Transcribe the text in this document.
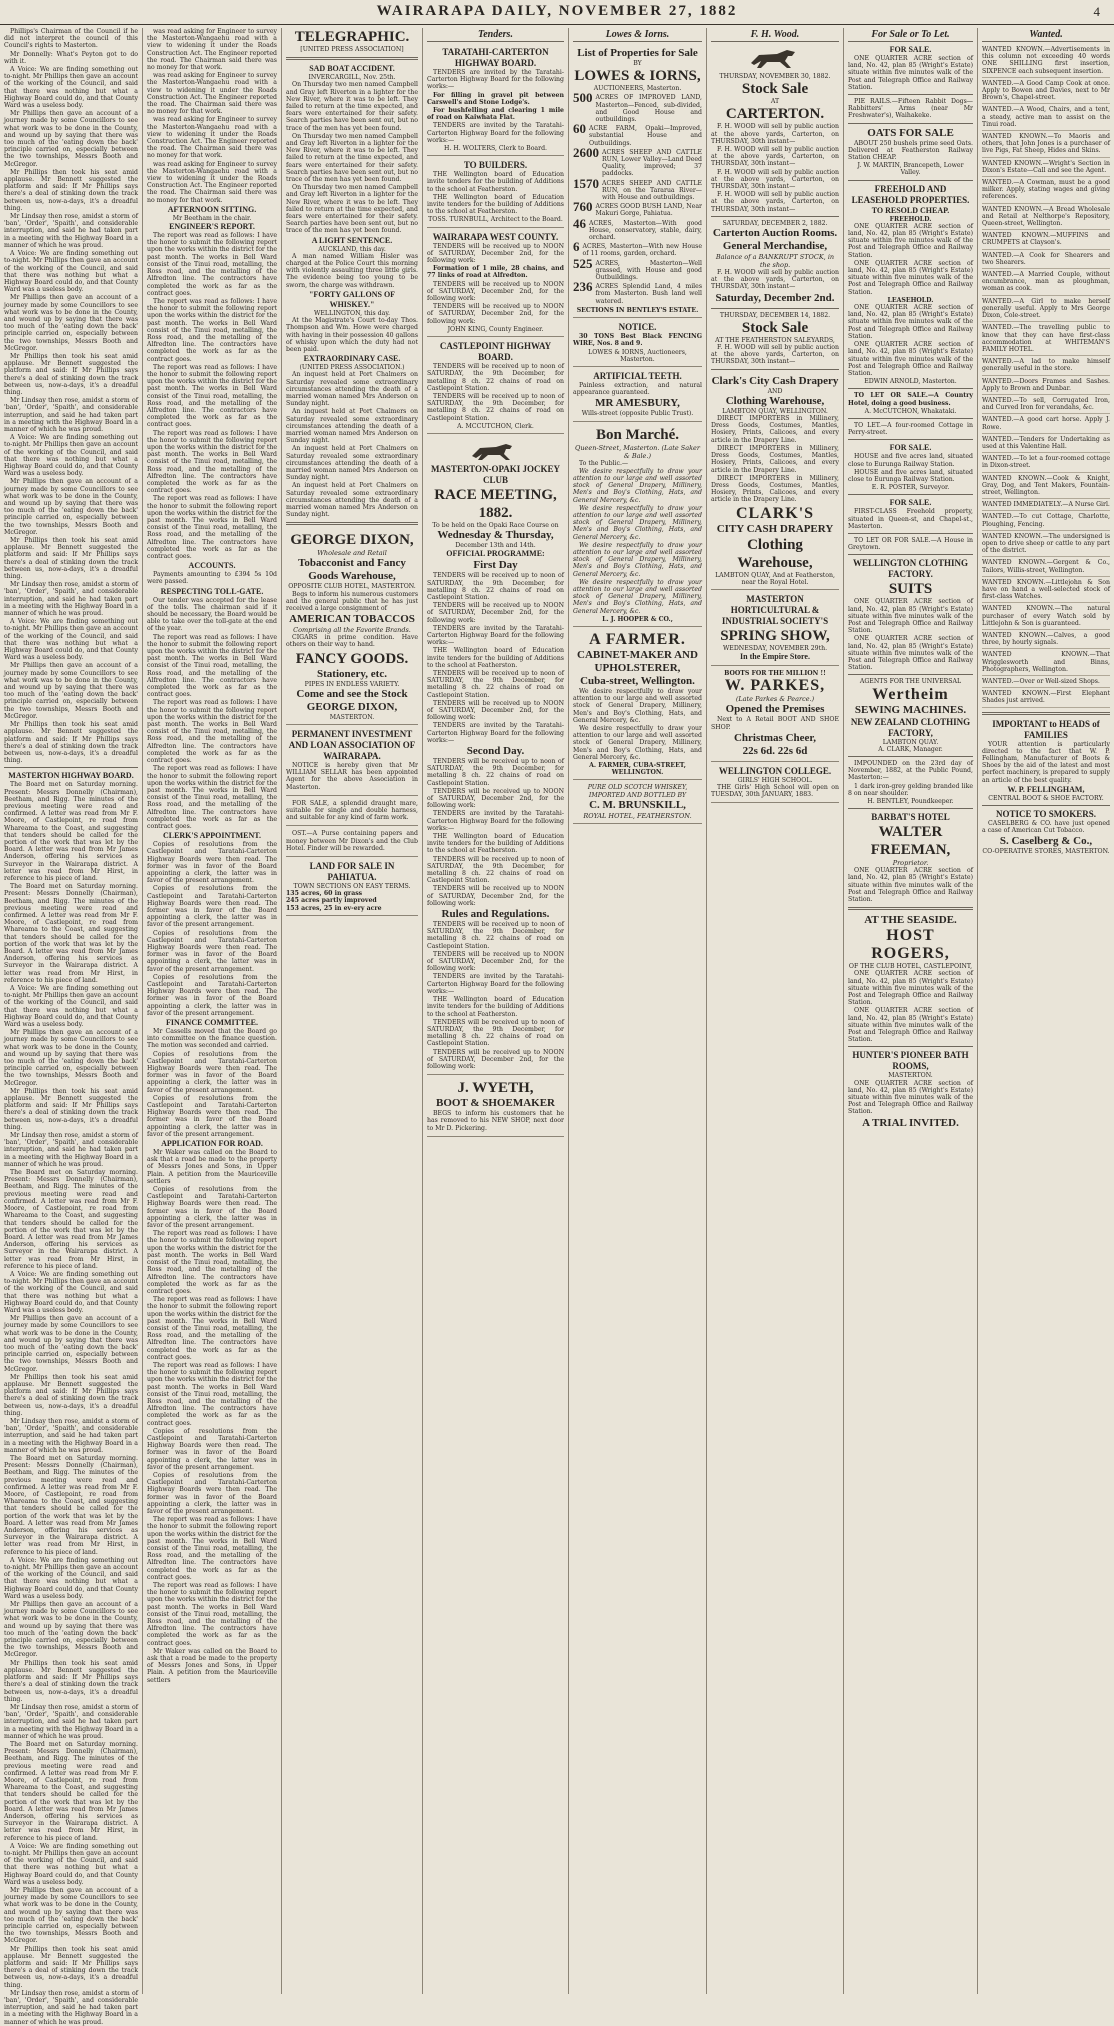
WAIRARAPA DAILY, NOVEMBER 27, 1882	4

Phillips's Chairman of the Council if he did not interpret the council of this Council's rights to Masterton.

Mr Donnelly: What's Peyton got to do with it.

A Voice: We are finding something out to-night. Mr Phillips then gave an account of the working of the Council, and said that there was nothing but what a Highway Board could do, and that County Ward was a useless body.

Mr Phillips then gave an account of a journey made by some Councillors to see what work was to be done in the County, and wound up by saying that there was too much of the 'eating down the back' principle carried on, especially between the two townships, Messrs Booth and McGregor.

Mr Phillips then took his seat amid applause. Mr Bennett suggested the platform and said: If Mr Phillips says there's a deal of stinking down the track between us, now-a-days, it's a dreadful thing.

Mr Lindsay then rose, amidst a storm of 'ban', 'Order', 'Spaith', and considerable interruption, and said he had taken part in a meeting with the Highway Board in a manner of which he was proud.

A Voice: We are finding something out to-night. Mr Phillips then gave an account of the working of the Council, and said that there was nothing but what a Highway Board could do, and that County Ward was a useless body.

Mr Phillips then gave an account of a journey made by some Councillors to see what work was to be done in the County, and wound up by saying that there was too much of the 'eating down the back' principle carried on, especially between the two townships, Messrs Booth and McGregor.

Mr Phillips then took his seat amid applause. Mr Bennett suggested the platform and said: If Mr Phillips says there's a deal of stinking down the track between us, now-a-days, it's a dreadful thing.

Mr Lindsay then rose, amidst a storm of 'ban', 'Order', 'Spaith', and considerable interruption, and said he had taken part in a meeting with the Highway Board in a manner of which he was proud.

A Voice: We are finding something out to-night. Mr Phillips then gave an account of the working of the Council, and said that there was nothing but what a Highway Board could do, and that County Ward was a useless body.

Mr Phillips then gave an account of a journey made by some Councillors to see what work was to be done in the County, and wound up by saying that there was too much of the 'eating down the back' principle carried on, especially between the two townships, Messrs Booth and McGregor.

Mr Phillips then took his seat amid applause. Mr Bennett suggested the platform and said: If Mr Phillips says there's a deal of stinking down the track between us, now-a-days, it's a dreadful thing.

Mr Lindsay then rose, amidst a storm of 'ban', 'Order', 'Spaith', and considerable interruption, and said he had taken part in a meeting with the Highway Board in a manner of which he was proud.

A Voice: We are finding something out to-night. Mr Phillips then gave an account of the working of the Council, and said that there was nothing but what a Highway Board could do, and that County Ward was a useless body.

Mr Phillips then gave an account of a journey made by some Councillors to see what work was to be done in the County, and wound up by saying that there was too much of the 'eating down the back' principle carried on, especially between the two townships, Messrs Booth and McGregor.

Mr Phillips then took his seat amid applause. Mr Bennett suggested the platform and said: If Mr Phillips says there's a deal of stinking down the track between us, now-a-days, it's a dreadful thing.

MASTERTON HIGHWAY BOARD.

The Board met on Saturday morning. Present: Messrs Donnelly (Chairman), Beetham, and Rigg. The minutes of the previous meeting were read and confirmed. A letter was read from Mr F. Moore, of Castlepoint, re road from Whareama to the Coast, and suggesting that tenders should be called for the portion of the work that was let by the Board. A letter was read from Mr James Anderson, offering his services as Surveyor in the Wairarapa district. A letter was read from Mr Hirst, in reference to his piece of land.

The Board met on Saturday morning. Present: Messrs Donnelly (Chairman), Beetham, and Rigg. The minutes of the previous meeting were read and confirmed. A letter was read from Mr F. Moore, of Castlepoint, re road from Whareama to the Coast, and suggesting that tenders should be called for the portion of the work that was let by the Board. A letter was read from Mr James Anderson, offering his services as Surveyor in the Wairarapa district. A letter was read from Mr Hirst, in reference to his piece of land.

A Voice: We are finding something out to-night. Mr Phillips then gave an account of the working of the Council, and said that there was nothing but what a Highway Board could do, and that County Ward was a useless body.

Mr Phillips then gave an account of a journey made by some Councillors to see what work was to be done in the County, and wound up by saying that there was too much of the 'eating down the back' principle carried on, especially between the two townships, Messrs Booth and McGregor.

Mr Phillips then took his seat amid applause. Mr Bennett suggested the platform and said: If Mr Phillips says there's a deal of stinking down the track between us, now-a-days, it's a dreadful thing.

Mr Lindsay then rose, amidst a storm of 'ban', 'Order', 'Spaith', and considerable interruption, and said he had taken part in a meeting with the Highway Board in a manner of which he was proud.

The Board met on Saturday morning. Present: Messrs Donnelly (Chairman), Beetham, and Rigg. The minutes of the previous meeting were read and confirmed. A letter was read from Mr F. Moore, of Castlepoint, re road from Whareama to the Coast, and suggesting that tenders should be called for the portion of the work that was let by the Board. A letter was read from Mr James Anderson, offering his services as Surveyor in the Wairarapa district. A letter was read from Mr Hirst, in reference to his piece of land.

A Voice: We are finding something out to-night. Mr Phillips then gave an account of the working of the Council, and said that there was nothing but what a Highway Board could do, and that County Ward was a useless body.

Mr Phillips then gave an account of a journey made by some Councillors to see what work was to be done in the County, and wound up by saying that there was too much of the 'eating down the back' principle carried on, especially between the two townships, Messrs Booth and McGregor.

Mr Phillips then took his seat amid applause. Mr Bennett suggested the platform and said: If Mr Phillips says there's a deal of stinking down the track between us, now-a-days, it's a dreadful thing.

Mr Lindsay then rose, amidst a storm of 'ban', 'Order', 'Spaith', and considerable interruption, and said he had taken part in a meeting with the Highway Board in a manner of which he was proud.

The Board met on Saturday morning. Present: Messrs Donnelly (Chairman), Beetham, and Rigg. The minutes of the previous meeting were read and confirmed. A letter was read from Mr F. Moore, of Castlepoint, re road from Whareama to the Coast, and suggesting that tenders should be called for the portion of the work that was let by the Board. A letter was read from Mr James Anderson, offering his services as Surveyor in the Wairarapa district. A letter was read from Mr Hirst, in reference to his piece of land.

A Voice: We are finding something out to-night. Mr Phillips then gave an account of the working of the Council, and said that there was nothing but what a Highway Board could do, and that County Ward was a useless body.

Mr Phillips then gave an account of a journey made by some Councillors to see what work was to be done in the County, and wound up by saying that there was too much of the 'eating down the back' principle carried on, especially between the two townships, Messrs Booth and McGregor.

Mr Phillips then took his seat amid applause. Mr Bennett suggested the platform and said: If Mr Phillips says there's a deal of stinking down the track between us, now-a-days, it's a dreadful thing.

Mr Lindsay then rose, amidst a storm of 'ban', 'Order', 'Spaith', and considerable interruption, and said he had taken part in a meeting with the Highway Board in a manner of which he was proud.

The Board met on Saturday morning. Present: Messrs Donnelly (Chairman), Beetham, and Rigg. The minutes of the previous meeting were read and confirmed. A letter was read from Mr F. Moore, of Castlepoint, re road from Whareama to the Coast, and suggesting that tenders should be called for the portion of the work that was let by the Board. A letter was read from Mr James Anderson, offering his services as Surveyor in the Wairarapa district. A letter was read from Mr Hirst, in reference to his piece of land.

A Voice: We are finding something out to-night. Mr Phillips then gave an account of the working of the Council, and said that there was nothing but what a Highway Board could do, and that County Ward was a useless body.

Mr Phillips then gave an account of a journey made by some Councillors to see what work was to be done in the County, and wound up by saying that there was too much of the 'eating down the back' principle carried on, especially between the two townships, Messrs Booth and McGregor.

Mr Phillips then took his seat amid applause. Mr Bennett suggested the platform and said: If Mr Phillips says there's a deal of stinking down the track between us, now-a-days, it's a dreadful thing.

Mr Lindsay then rose, amidst a storm of 'ban', 'Order', 'Spaith', and considerable interruption, and said he had taken part in a meeting with the Highway Board in a manner of which he was proud.

was read asking for Engineer to survey the Masterton-Wangaehu road with a view to widening it under the Roads Construction Act. The Engineer reported the road. The Chairman said there was no money for that work.

was read asking for Engineer to survey the Masterton-Wangaehu road with a view to widening it under the Roads Construction Act. The Engineer reported the road. The Chairman said there was no money for that work.

was read asking for Engineer to survey the Masterton-Wangaehu road with a view to widening it under the Roads Construction Act. The Engineer reported the road. The Chairman said there was no money for that work.

was read asking for Engineer to survey the Masterton-Wangaehu road with a view to widening it under the Roads Construction Act. The Engineer reported the road. The Chairman said there was no money for that work.

AFTERNOON SITTING.
Mr Beetham in the chair.
ENGINEER'S REPORT.

The report was read as follows: I have the honor to submit the following report upon the works within the district for the past month. The works in Bell Ward consist of the Tinui road, metalling, the Ross road, and the metalling of the Alfredton line. The contractors have completed the work as far as the contract goes.

The report was read as follows: I have the honor to submit the following report upon the works within the district for the past month. The works in Bell Ward consist of the Tinui road, metalling, the Ross road, and the metalling of the Alfredton line. The contractors have completed the work as far as the contract goes.

The report was read as follows: I have the honor to submit the following report upon the works within the district for the past month. The works in Bell Ward consist of the Tinui road, metalling, the Ross road, and the metalling of the Alfredton line. The contractors have completed the work as far as the contract goes.

The report was read as follows: I have the honor to submit the following report upon the works within the district for the past month. The works in Bell Ward consist of the Tinui road, metalling, the Ross road, and the metalling of the Alfredton line. The contractors have completed the work as far as the contract goes.

The report was read as follows: I have the honor to submit the following report upon the works within the district for the past month. The works in Bell Ward consist of the Tinui road, metalling, the Ross road, and the metalling of the Alfredton line. The contractors have completed the work as far as the contract goes.

ACCOUNTS.

Payments amounting to £394 5s 10d were passed.

RESPECTING TOLL-GATE.

Our tender was accepted for the lease of the tolls. The chairman said if it should be necessary, the Board would be able to take over the toll-gate at the end of the year.

The report was read as follows: I have the honor to submit the following report upon the works within the district for the past month. The works in Bell Ward consist of the Tinui road, metalling, the Ross road, and the metalling of the Alfredton line. The contractors have completed the work as far as the contract goes.

The report was read as follows: I have the honor to submit the following report upon the works within the district for the past month. The works in Bell Ward consist of the Tinui road, metalling, the Ross road, and the metalling of the Alfredton line. The contractors have completed the work as far as the contract goes.

The report was read as follows: I have the honor to submit the following report upon the works within the district for the past month. The works in Bell Ward consist of the Tinui road, metalling, the Ross road, and the metalling of the Alfredton line. The contractors have completed the work as far as the contract goes.

CLERK'S APPOINTMENT.

Copies of resolutions from the Castlepoint and Taratahi-Carterton Highway Boards were then read. The former was in favor of the Board appointing a clerk, the latter was in favor of the present arrangement.

Copies of resolutions from the Castlepoint and Taratahi-Carterton Highway Boards were then read. The former was in favor of the Board appointing a clerk, the latter was in favor of the present arrangement.

Copies of resolutions from the Castlepoint and Taratahi-Carterton Highway Boards were then read. The former was in favor of the Board appointing a clerk, the latter was in favor of the present arrangement.

Copies of resolutions from the Castlepoint and Taratahi-Carterton Highway Boards were then read. The former was in favor of the Board appointing a clerk, the latter was in favor of the present arrangement.

FINANCE COMMITTEE.

Mr Cassells moved that the Board go into committee on the finance question. The motion was seconded and carried.

Copies of resolutions from the Castlepoint and Taratahi-Carterton Highway Boards were then read. The former was in favor of the Board appointing a clerk, the latter was in favor of the present arrangement.

Copies of resolutions from the Castlepoint and Taratahi-Carterton Highway Boards were then read. The former was in favor of the Board appointing a clerk, the latter was in favor of the present arrangement.

APPLICATION FOR ROAD.

Mr Waker was called on the Board to ask that a road be made to the property of Messrs Jones and Sons, in Upper Plain. A petition from the Mauriceville settlers

Copies of resolutions from the Castlepoint and Taratahi-Carterton Highway Boards were then read. The former was in favor of the Board appointing a clerk, the latter was in favor of the present arrangement.

The report was read as follows: I have the honor to submit the following report upon the works within the district for the past month. The works in Bell Ward consist of the Tinui road, metalling, the Ross road, and the metalling of the Alfredton line. The contractors have completed the work as far as the contract goes.

The report was read as follows: I have the honor to submit the following report upon the works within the district for the past month. The works in Bell Ward consist of the Tinui road, metalling, the Ross road, and the metalling of the Alfredton line. The contractors have completed the work as far as the contract goes.

The report was read as follows: I have the honor to submit the following report upon the works within the district for the past month. The works in Bell Ward consist of the Tinui road, metalling, the Ross road, and the metalling of the Alfredton line. The contractors have completed the work as far as the contract goes.

Copies of resolutions from the Castlepoint and Taratahi-Carterton Highway Boards were then read. The former was in favor of the Board appointing a clerk, the latter was in favor of the present arrangement.

Copies of resolutions from the Castlepoint and Taratahi-Carterton Highway Boards were then read. The former was in favor of the Board appointing a clerk, the latter was in favor of the present arrangement.

The report was read as follows: I have the honor to submit the following report upon the works within the district for the past month. The works in Bell Ward consist of the Tinui road, metalling, the Ross road, and the metalling of the Alfredton line. The contractors have completed the work as far as the contract goes.

The report was read as follows: I have the honor to submit the following report upon the works within the district for the past month. The works in Bell Ward consist of the Tinui road, metalling, the Ross road, and the metalling of the Alfredton line. The contractors have completed the work as far as the contract goes.

Mr Waker was called on the Board to ask that a road be made to the property of Messrs Jones and Sons, in Upper Plain. A petition from the Mauriceville settlers

TELEGRAPHIC.
[UNITED PRESS ASSOCIATION]
SAD BOAT ACCIDENT.
INVERCARGILL, Nov. 25th.

On Thursday two men named Campbell and Gray left Riverton in a lighter for the New River, where it was to be left. They failed to return at the time expected, and fears were entertained for their safety. Search parties have been sent out, but no trace of the men has yet been found.

On Thursday two men named Campbell and Gray left Riverton in a lighter for the New River, where it was to be left. They failed to return at the time expected, and fears were entertained for their safety. Search parties have been sent out, but no trace of the men has yet been found.

On Thursday two men named Campbell and Gray left Riverton in a lighter for the New River, where it was to be left. They failed to return at the time expected, and fears were entertained for their safety. Search parties have been sent out, but no trace of the men has yet been found.

A LIGHT SENTENCE.
AUCKLAND, this day.

A man named William Hisler was charged at the Police Court this morning with violently assaulting three little girls. The evidence being too young to be sworn, the charge was withdrawn.

"FORTY GALLONS OF WHISKEY."
WELLINGTON, this day.

At the Magistrate's Court to-day Thos. Thompson and Wm. Howe were charged with having in their possession 40 gallons of whisky upon which the duty had not been paid.

EXTRAORDINARY CASE.
(UNITED PRESS ASSOCIATION.)

An inquest held at Port Chalmers on Saturday revealed some extraordinary circumstances attending the death of a married woman named Mrs Anderson on Sunday night.

An inquest held at Port Chalmers on Saturday revealed some extraordinary circumstances attending the death of a married woman named Mrs Anderson on Sunday night.

An inquest held at Port Chalmers on Saturday revealed some extraordinary circumstances attending the death of a married woman named Mrs Anderson on Sunday night.

An inquest held at Port Chalmers on Saturday revealed some extraordinary circumstances attending the death of a married woman named Mrs Anderson on Sunday night.

GEORGE DIXON,
Wholesale and Retail
Tobacconist and Fancy Goods Warehouse,
OPPOSITE CLUB HOTEL, MASTERTON.

Begs to inform his numerous customers and the general public that he has just received a large consignment of

AMERICAN TOBACCOS
Comprising all the Favorite Brands.

CIGARS in prime condition. Have others on their way to hand.

FANCY GOODS.
Stationery, etc.
PIPES IN ENDLESS VARIETY.
Come and see the Stock
GEORGE DIXON,
MASTERTON.
PERMANENT INVESTMENT AND LOAN ASSOCIATION OF WAIRARAPA.

NOTICE is hereby given that Mr WILLIAM SELLAR has been appointed Agent for the above Association in Masterton.

FOR SALE, a splendid draught mare, suitable for single and double harness, and suitable for any kind of farm work.

OST.—A Purse containing papers and money between Mr Dixon's and the Club Hotel. Finder will be rewarded.

LAND FOR SALE IN PAHIATUA.
TOWN SECTIONS ON EASY TERMS.
135 acres, 60 in grass
245 acres partly improved
153 acres, 25 in ev-ery acre
Tenders.
TARATAHI-CARTERTON HIGHWAY BOARD.

TENDERS are invited by the Taratahi-Carterton Highway Board for the following works:—

For filling in gravel pit between Carswell's and Stone Lodge's.

For bushfelling and clearing 1 mile of road on Kaiwhata Flat.

TENDERS are invited by the Taratahi-Carterton Highway Board for the following works:—

H. H. WOLTERS, Clerk to Board.
TO BUILDERS.

THE Wellington board of Education invite tenders for the building of Additions to the school at Featherston.

THE Wellington board of Education invite tenders for the building of Additions to the school at Featherston.

TOSS. TURNBULL, Architect to the Board.
WAIRARAPA WEST COUNTY.

TENDERS will be received up to NOON of SATURDAY, December 2nd, for the following work:

Formation of 1 mile, 28 chains, and 77 links of road at Alfredton.

TENDERS will be received up to NOON of SATURDAY, December 2nd, for the following work:

TENDERS will be received up to NOON of SATURDAY, December 2nd, for the following work:

JOHN KING, County Engineer.
CASTLEPOINT HIGHWAY BOARD.

TENDERS will be received up to noon of SATURDAY, the 9th December, for metalling 8 ch. 22 chains of road on Castlepoint Station.

TENDERS will be received up to noon of SATURDAY, the 9th December, for metalling 8 ch. 22 chains of road on Castlepoint Station.

A. MCCUTCHON, Clerk.
MASTERTON-OPAKI JOCKEY CLUB
RACE MEETING, 1882.
To be held on the Opaki Race Course on
Wednesday & Thursday,
December 13th and 14th.
OFFICIAL PROGRAMME:
First Day

TENDERS will be received up to noon of SATURDAY, the 9th December, for metalling 8 ch. 22 chains of road on Castlepoint Station.

TENDERS will be received up to NOON of SATURDAY, December 2nd, for the following work:

TENDERS are invited by the Taratahi-Carterton Highway Board for the following works:—

THE Wellington board of Education invite tenders for the building of Additions to the school at Featherston.

TENDERS will be received up to noon of SATURDAY, the 9th December, for metalling 8 ch. 22 chains of road on Castlepoint Station.

TENDERS will be received up to NOON of SATURDAY, December 2nd, for the following work:

TENDERS are invited by the Taratahi-Carterton Highway Board for the following works:—

Second Day.

TENDERS will be received up to noon of SATURDAY, the 9th December, for metalling 8 ch. 22 chains of road on Castlepoint Station.

TENDERS will be received up to NOON of SATURDAY, December 2nd, for the following work:

TENDERS are invited by the Taratahi-Carterton Highway Board for the following works:—

THE Wellington board of Education invite tenders for the building of Additions to the school at Featherston.

TENDERS will be received up to noon of SATURDAY, the 9th December, for metalling 8 ch. 22 chains of road on Castlepoint Station.

TENDERS will be received up to NOON of SATURDAY, December 2nd, for the following work:

Rules and Regulations.

TENDERS will be received up to noon of SATURDAY, the 9th December, for metalling 8 ch. 22 chains of road on Castlepoint Station.

TENDERS will be received up to NOON of SATURDAY, December 2nd, for the following work:

TENDERS are invited by the Taratahi-Carterton Highway Board for the following works:—

THE Wellington board of Education invite tenders for the building of Additions to the school at Featherston.

TENDERS will be received up to noon of SATURDAY, the 9th December, for metalling 8 ch. 22 chains of road on Castlepoint Station.

TENDERS will be received up to NOON of SATURDAY, December 2nd, for the following work:

J. WYETH,
BOOT & SHOEMAKER

BEGS to inform his customers that he has removed to his NEW SHOP, next door to Mr D. Pickering.

Lowes & Iorns.
List of Properties for Sale
BY
LOWES & IORNS,
AUCTIONEERS, Masterton.
500 ACRES OF IMPROVED LAND, Masterton—Fenced, sub-divided, and Good House and outbuildings.
60 ACRE FARM, Opaki—Improved, substantial House and Outbuildings.
2600 ACRES SHEEP AND CATTLE RUN, Lower Valley—Land Deed Quality, improved; 37 paddocks.
1570 ACRES SHEEP AND CATTLE RUN, on the Tararua River—with House and outbuildings.
760 ACRES GOOD BUSH LAND, Near Makuri Gorge, Pahiatua.
46 ACRES, Masterton—With good House, conservatory, stable, dairy, orchard.
6 ACRES, Masterton—With new House of 11 rooms, garden, orchard.
525 ACRES, Masterton—Well grassed, with House and good Outbuildings.
236 ACRES Splendid Land, 4 miles from Masterton. Bush land well watered.
SECTIONS IN BENTLEY'S ESTATE.
NOTICE.

30 TONS Best Black FENCING WIRE, Nos. 8 and 9.

LOWES & IORNS, Auctioneers, Masterton.
ARTIFICIAL TEETH.

Painless extraction, and natural appearance guaranteed.

MR AMESBURY,
Wills-street (opposite Public Trust).
Bon Marché.
Queen-Street, Masterton. (Late Saker & Bale.)

To the Public.—

We desire respectfully to draw your attention to our large and well assorted stock of General Drapery, Millinery, Men's and Boy's Clothing, Hats, and General Mercery, &c.

We desire respectfully to draw your attention to our large and well assorted stock of General Drapery, Millinery, Men's and Boy's Clothing, Hats, and General Mercery, &c.

We desire respectfully to draw your attention to our large and well assorted stock of General Drapery, Millinery, Men's and Boy's Clothing, Hats, and General Mercery, &c.

We desire respectfully to draw your attention to our large and well assorted stock of General Drapery, Millinery, Men's and Boy's Clothing, Hats, and General Mercery, &c.

L. J. HOOPER & CO.,
A FARMER.
CABINET-MAKER AND UPHOLSTERER,
Cuba-street, Wellington.

We desire respectfully to draw your attention to our large and well assorted stock of General Drapery, Millinery, Men's and Boy's Clothing, Hats, and General Mercery, &c.

We desire respectfully to draw your attention to our large and well assorted stock of General Drapery, Millinery, Men's and Boy's Clothing, Hats, and General Mercery, &c.

A. FARMER, CUBA-STREET, WELLINGTON.
PURE OLD SCOTCH WHISKEY, IMPORTED AND BOTTLED BY
C. M. BRUNSKILL,
ROYAL HOTEL, FEATHERSTON.
F. H. Wood.
THURSDAY, NOVEMBER 30, 1882.
Stock Sale
AT
CARTERTON.

F. H. WOOD will sell by public auction at the above yards, Carterton, on THURSDAY, 30th instant—

F. H. WOOD will sell by public auction at the above yards, Carterton, on THURSDAY, 30th instant—

F. H. WOOD will sell by public auction at the above yards, Carterton, on THURSDAY, 30th instant—

F. H. WOOD will sell by public auction at the above yards, Carterton, on THURSDAY, 30th instant—

SATURDAY, DECEMBER 2, 1882.
Carterton Auction Rooms.
General Merchandise,
Balance of a BANKRUPT STOCK, in the shop.

F. H. WOOD will sell by public auction at the above yards, Carterton, on THURSDAY, 30th instant—

Saturday, December 2nd.
THURSDAY, DECEMBER 14, 1882.
Stock Sale
AT THE FEATHERSTON SALEYARDS,

F. H. WOOD will sell by public auction at the above yards, Carterton, on THURSDAY, 30th instant—

Clark's City Cash Drapery
AND
Clothing Warehouse,
LAMBTON QUAY, WELLINGTON.

DIRECT IMPORTERS in Millinery, Dress Goods, Costumes, Mantles, Hosiery, Prints, Calicoes, and every article in the Drapery Line.

DIRECT IMPORTERS in Millinery, Dress Goods, Costumes, Mantles, Hosiery, Prints, Calicoes, and every article in the Drapery Line.

DIRECT IMPORTERS in Millinery, Dress Goods, Costumes, Mantles, Hosiery, Prints, Calicoes, and every article in the Drapery Line.

CLARK'S
CITY CASH DRAPERY
Clothing Warehouse,
LAMBTON QUAY, And at Featherston, near the Royal Hotel.
MASTERTON HORTICULTURAL & INDUSTRIAL SOCIETY'S
SPRING SHOW,
WEDNESDAY, NOVEMBER 29th.
In the Empire Store.
BOOTS FOR THE MILLION !!
W. PARKES,
(Late Parkes & Pearce.)
Opened the Premises

Next to A Retail BOOT AND SHOE SHOP.

Christmas Cheer,
22s 6d. 22s 6d
WELLINGTON COLLEGE.
GIRLS' HIGH SCHOOL.

THE Girls' High School will open on TUESDAY, 30th JANUARY, 1883.

For Sale or To Let.
FOR SALE.

ONE QUARTER ACRE section of land, No. 42, plan 85 (Wright's Estate) situate within five minutes walk of the Post and Telegraph Office and Railway Station.

PIE RAILS.—Fifteen Rabbit Dogs—Rabbitters' Arms (near Mr Freshwater's), Waihakeke.

OATS FOR SALE

ABOUT 250 bushels prime seed Oats. Delivered at Featherston Railway Station CHEAP.

J. W. MARTIN, Brancepeth, Lower Valley.
FREEHOLD AND LEASEHOLD PROPERTIES.
TO RESOLD CHEAP.
FREEHOLD.

ONE QUARTER ACRE section of land, No. 42, plan 85 (Wright's Estate) situate within five minutes walk of the Post and Telegraph Office and Railway Station.

ONE QUARTER ACRE section of land, No. 42, plan 85 (Wright's Estate) situate within five minutes walk of the Post and Telegraph Office and Railway Station.

LEASEHOLD.

ONE QUARTER ACRE section of land, No. 42, plan 85 (Wright's Estate) situate within five minutes walk of the Post and Telegraph Office and Railway Station.

ONE QUARTER ACRE section of land, No. 42, plan 85 (Wright's Estate) situate within five minutes walk of the Post and Telegraph Office and Railway Station.

EDWIN ARNOLD, Masterton.

TO LET OR SALE.—A Country Hotel, doing a good business.

A. McCUTCHON, Whakataki.

TO LET.—A four-roomed Cottage in Perry-street.

FOR SALE.

HOUSE and five acres land, situated close to Eurunga Railway Station.

HOUSE and five acres land, situated close to Eurunga Railway Station.

E. R. POSTER, Surveyor.
FOR SALE.

FIRST-CLASS Freehold property, situated in Queen-st, and Chapel-st., Masterton.

TO LET OR FOR SALE.—A House in Greytown.

WELLINGTON CLOTHING FACTORY.
SUITS

ONE QUARTER ACRE section of land, No. 42, plan 85 (Wright's Estate) situate within five minutes walk of the Post and Telegraph Office and Railway Station.

ONE QUARTER ACRE section of land, No. 42, plan 85 (Wright's Estate) situate within five minutes walk of the Post and Telegraph Office and Railway Station.

AGENTS FOR THE UNIVERSAL
Wertheim
SEWING MACHINES.
NEW ZEALAND CLOTHING FACTORY,
LAMBTON QUAY.
A. CLARK, Manager.

IMPOUNDED on the 23rd day of November, 1882, at the Public Pound, Masterton:—

1 dark iron-grey gelding branded like 8 on near shoulder.

H. BENTLEY, Poundkeeper.
BARBAT'S HOTEL
WALTER FREEMAN,
Proprietor.

ONE QUARTER ACRE section of land, No. 42, plan 85 (Wright's Estate) situate within five minutes walk of the Post and Telegraph Office and Railway Station.

AT THE SEASIDE.
HOST ROGERS,
OF THE CLUB HOTEL, CASTLEPOINT,

ONE QUARTER ACRE section of land, No. 42, plan 85 (Wright's Estate) situate within five minutes walk of the Post and Telegraph Office and Railway Station.

ONE QUARTER ACRE section of land, No. 42, plan 85 (Wright's Estate) situate within five minutes walk of the Post and Telegraph Office and Railway Station.

HUNTER'S PIONEER BATH ROOMS,
MASTERTON.

ONE QUARTER ACRE section of land, No. 42, plan 85 (Wright's Estate) situate within five minutes walk of the Post and Telegraph Office and Railway Station.

A TRIAL INVITED.
Wanted.

WANTED KNOWN.—Advertisements in this column not exceeding 40 words ONE SHILLING first insertion, SIXPENCE each subsequent insertion.

WANTED.—A Good Camp Cook at once. Apply to Bowen and Davies, next to Mr Brown's, Chapel-street.

WANTED.—A Wood, Chairs, and a tent, a steady, active man to assist on the Tinui road.

WANTED KNOWN.—To Maoris and others, that John Jones is a purchaser of live Pigs, Fat Sheep, Hides and Skins.

WANTED KNOWN.—Wright's Section in Dixon's Estate—Call and see the Agent.

WANTED.—A Cowman, must be a good milker. Apply, stating wages and giving references.

WANTED KNOWN.—A Bread Wholesale and Retail at Nelthorpe's Repository, Queen-street, Wellington.

WANTED KNOWN.—MUFFINS and CRUMPETS at Clayson's.

WANTED.—A Cook for Shearers and two Shearers.

WANTED.—A Married Couple, without encumbrance, man as ploughman, woman as cook.

WANTED.—A Girl to make herself generally useful. Apply to Mrs George Dixon, Cole-street.

WANTED.—The travelling public to know that they can have first-class accommodation at WHITEMAN'S FAMILY HOTEL.

WANTED.—A lad to make himself generally useful in the store.

WANTED.—Doors Frames and Sashes. Apply to Brown and Dunbar.

WANTED.—To sell, Corrugated Iron, and Curved Iron for verandahs, &c.

WANTED.—A good cart horse. Apply J. Rowe.

WANTED.—Tenders for Undertaking as used at this Valentine Hall.

WANTED.—To let a four-roomed cottage in Dixon-street.

WANTED KNOWN.—Cook & Knight, Gray, Dog, and Tent Makers, Fountain-street, Wellington.

WANTED IMMEDIATELY.—A Nurse Girl.

WANTED.—To cut Cottage, Charlotte, Ploughing, Fencing.

WANTED KNOWN.—The undersigned is open to drive sheep or cattle to any part of the district.

WANTED KNOWN.—Gergent & Co., Tailors, Willis-street, Wellington.

WANTED KNOWN.—Littlejohn & Son have on hand a well-selected stock of first-class Watches.

WANTED KNOWN.—The natural purchaser of every Watch sold by Littlejohn & Son is guaranteed.

WANTED KNOWN.—Calves, a good three, by hourly signals.

WANTED KNOWN.—That Wrigglesworth and Binns, Photographers, Wellington.

WANTED.—Over or Well-sized Shops.

WANTED KNOWN.—First Elephant Shades just arrived.

IMPORTANT to HEADS of FAMILIES

YOUR attention is particularly directed to the fact that W. P. Fellingham, Manufacturer of Boots & Shoes by the aid of the latest and most perfect machinery, is prepared to supply an article of the best quality.

W. P. FELLINGHAM,
CENTRAL BOOT & SHOE FACTORY.
NOTICE TO SMOKERS.

CASELBERG & CO. have just opened a case of American Cut Tobacco.

S. Caselberg & Co.,
CO-OPERATIVE STORES, MASTERTON.
